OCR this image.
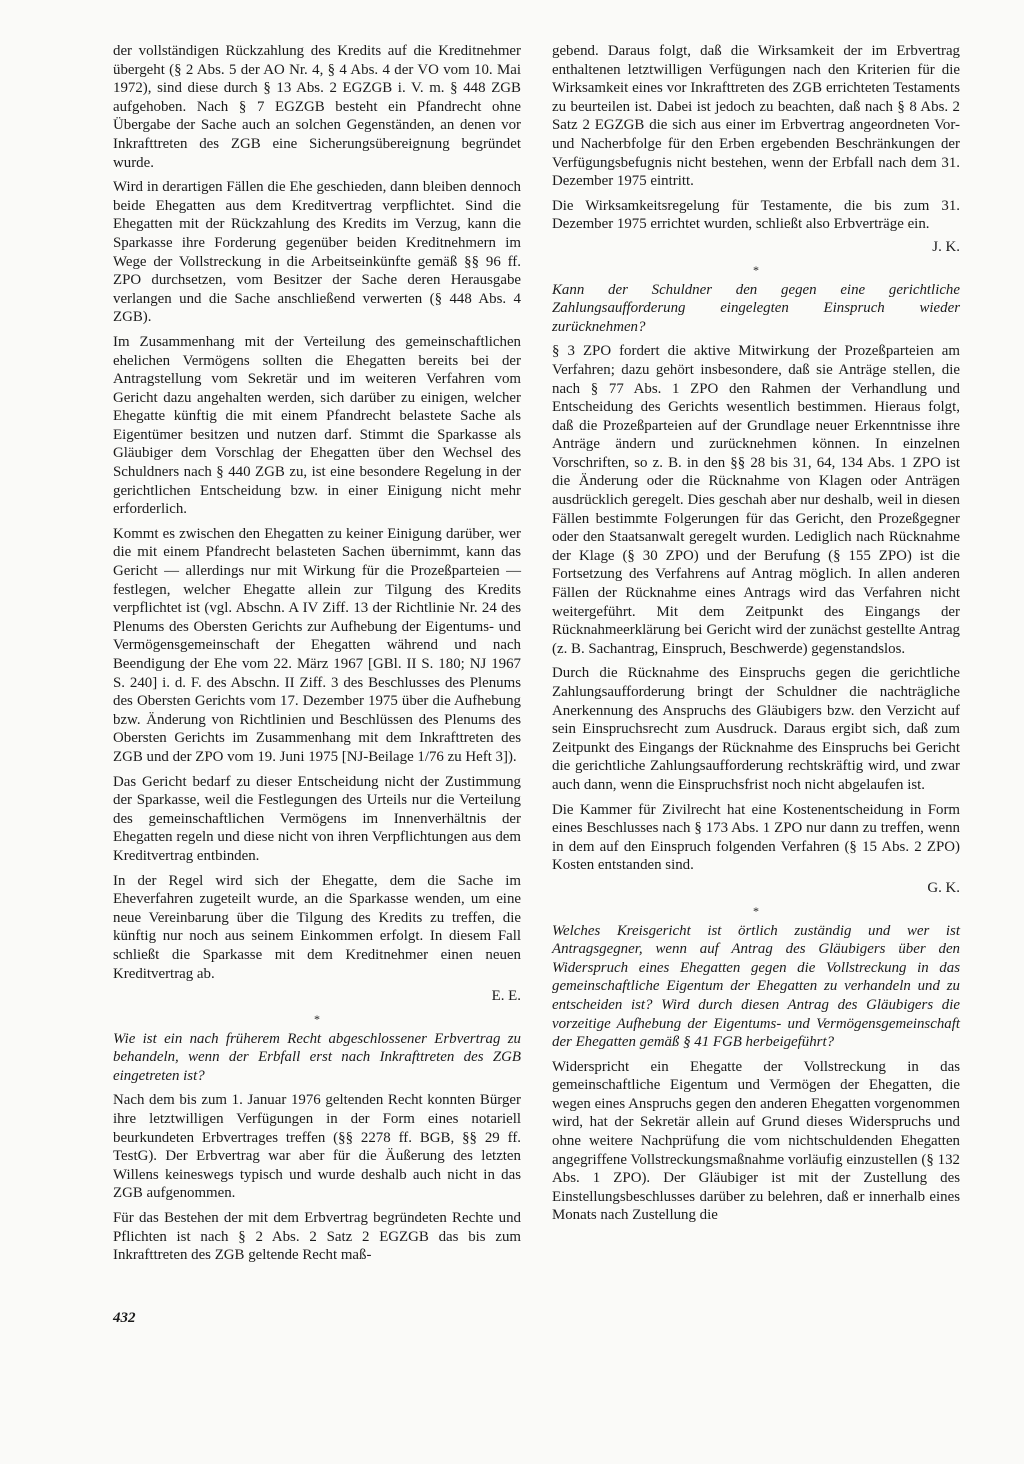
der vollständigen Rückzahlung des Kredits auf die Kreditnehmer übergeht (§ 2 Abs. 5 der AO Nr. 4, § 4 Abs. 4 der VO vom 10. Mai 1972), sind diese durch § 13 Abs. 2 EGZGB i. V. m. § 448 ZGB aufgehoben. Nach § 7 EGZGB besteht ein Pfandrecht ohne Übergabe der Sache auch an solchen Gegenständen, an denen vor Inkrafttreten des ZGB eine Sicherungsübereignung begründet wurde.
Wird in derartigen Fällen die Ehe geschieden, dann bleiben dennoch beide Ehegatten aus dem Kreditvertrag verpflichtet. Sind die Ehegatten mit der Rückzahlung des Kredits im Verzug, kann die Sparkasse ihre Forderung gegenüber beiden Kreditnehmern im Wege der Vollstreckung in die Arbeitseinkünfte gemäß §§ 96 ff. ZPO durchsetzen, vom Besitzer der Sache deren Herausgabe verlangen und die Sache anschließend verwerten (§ 448 Abs. 4 ZGB).
Im Zusammenhang mit der Verteilung des gemeinschaftlichen ehelichen Vermögens sollten die Ehegatten bereits bei der Antragstellung vom Sekretär und im weiteren Verfahren vom Gericht dazu angehalten werden, sich darüber zu einigen, welcher Ehegatte künftig die mit einem Pfandrecht belastete Sache als Eigentümer besitzen und nutzen darf. Stimmt die Sparkasse als Gläubiger dem Vorschlag der Ehegatten über den Wechsel des Schuldners nach § 440 ZGB zu, ist eine besondere Regelung in der gerichtlichen Entscheidung bzw. in einer Einigung nicht mehr erforderlich.
Kommt es zwischen den Ehegatten zu keiner Einigung darüber, wer die mit einem Pfandrecht belasteten Sachen übernimmt, kann das Gericht — allerdings nur mit Wirkung für die Prozeßparteien — festlegen, welcher Ehegatte allein zur Tilgung des Kredits verpflichtet ist (vgl. Abschn. A IV Ziff. 13 der Richtlinie Nr. 24 des Plenums des Obersten Gerichts zur Aufhebung der Eigentums- und Vermögensgemeinschaft der Ehegatten während und nach Beendigung der Ehe vom 22. März 1967 [GBl. II S. 180; NJ 1967 S. 240] i. d. F. des Abschn. II Ziff. 3 des Beschlusses des Plenums des Obersten Gerichts vom 17. Dezember 1975 über die Aufhebung bzw. Änderung von Richtlinien und Beschlüssen des Plenums des Obersten Gerichts im Zusammenhang mit dem Inkrafttreten des ZGB und der ZPO vom 19. Juni 1975 [NJ-Beilage 1/76 zu Heft 3]).
Das Gericht bedarf zu dieser Entscheidung nicht der Zustimmung der Sparkasse, weil die Festlegungen des Urteils nur die Verteilung des gemeinschaftlichen Vermögens im Innenverhältnis der Ehegatten regeln und diese nicht von ihren Verpflichtungen aus dem Kreditvertrag entbinden.
In der Regel wird sich der Ehegatte, dem die Sache im Eheverfahren zugeteilt wurde, an die Sparkasse wenden, um eine neue Vereinbarung über die Tilgung des Kredits zu treffen, die künftig nur noch aus seinem Einkommen erfolgt. In diesem Fall schließt die Sparkasse mit dem Kreditnehmer einen neuen Kreditvertrag ab.
E. E.
*
Wie ist ein nach früherem Recht abgeschlossener Erbvertrag zu behandeln, wenn der Erbfall erst nach Inkrafttreten des ZGB eingetreten ist?
Nach dem bis zum 1. Januar 1976 geltenden Recht konnten Bürger ihre letztwilligen Verfügungen in der Form eines notariell beurkundeten Erbvertrages treffen (§§ 2278 ff. BGB, §§ 29 ff. TestG). Der Erbvertrag war aber für die Äußerung des letzten Willens keineswegs typisch und wurde deshalb auch nicht in das ZGB aufgenommen.
Für das Bestehen der mit dem Erbvertrag begründeten Rechte und Pflichten ist nach § 2 Abs. 2 Satz 2 EGZGB das bis zum Inkrafttreten des ZGB geltende Recht maß-
gebend. Daraus folgt, daß die Wirksamkeit der im Erbvertrag enthaltenen letztwilligen Verfügungen nach den Kriterien für die Wirksamkeit eines vor Inkrafttreten des ZGB errichteten Testaments zu beurteilen ist. Dabei ist jedoch zu beachten, daß nach § 8 Abs. 2 Satz 2 EGZGB die sich aus einer im Erbvertrag angeordneten Vor- und Nacherbfolge für den Erben ergebenden Beschränkungen der Verfügungsbefugnis nicht bestehen, wenn der Erbfall nach dem 31. Dezember 1975 eintritt.
Die Wirksamkeitsregelung für Testamente, die bis zum 31. Dezember 1975 errichtet wurden, schließt also Erbverträge ein.
J. K.
*
Kann der Schuldner den gegen eine gerichtliche Zahlungsaufforderung eingelegten Einspruch wieder zurücknehmen?
§ 3 ZPO fordert die aktive Mitwirkung der Prozeßparteien am Verfahren; dazu gehört insbesondere, daß sie Anträge stellen, die nach § 77 Abs. 1 ZPO den Rahmen der Verhandlung und Entscheidung des Gerichts wesentlich bestimmen. Hieraus folgt, daß die Prozeßparteien auf der Grundlage neuer Erkenntnisse ihre Anträge ändern und zurücknehmen können. In einzelnen Vorschriften, so z. B. in den §§ 28 bis 31, 64, 134 Abs. 1 ZPO ist die Änderung oder die Rücknahme von Klagen oder Anträgen ausdrücklich geregelt. Dies geschah aber nur deshalb, weil in diesen Fällen bestimmte Folgerungen für das Gericht, den Prozeßgegner oder den Staatsanwalt geregelt wurden. Lediglich nach Rücknahme der Klage (§ 30 ZPO) und der Berufung (§ 155 ZPO) ist die Fortsetzung des Verfahrens auf Antrag möglich. In allen anderen Fällen der Rücknahme eines Antrags wird das Verfahren nicht weitergeführt. Mit dem Zeitpunkt des Eingangs der Rücknahmeerklärung bei Gericht wird der zunächst gestellte Antrag (z. B. Sachantrag, Einspruch, Beschwerde) gegenstandslos.
Durch die Rücknahme des Einspruchs gegen die gerichtliche Zahlungsaufforderung bringt der Schuldner die nachträgliche Anerkennung des Anspruchs des Gläubigers bzw. den Verzicht auf sein Einspruchsrecht zum Ausdruck. Daraus ergibt sich, daß zum Zeitpunkt des Eingangs der Rücknahme des Einspruchs bei Gericht die gerichtliche Zahlungsaufforderung rechtskräftig wird, und zwar auch dann, wenn die Einspruchsfrist noch nicht abgelaufen ist.
Die Kammer für Zivilrecht hat eine Kostenentscheidung in Form eines Beschlusses nach § 173 Abs. 1 ZPO nur dann zu treffen, wenn in dem auf den Einspruch folgenden Verfahren (§ 15 Abs. 2 ZPO) Kosten entstanden sind.
G. K.
*
Welches Kreisgericht ist örtlich zuständig und wer ist Antragsgegner, wenn auf Antrag des Gläubigers über den Widerspruch eines Ehegatten gegen die Vollstreckung in das gemeinschaftliche Eigentum der Ehegatten zu verhandeln und zu entscheiden ist? Wird durch diesen Antrag des Gläubigers die vorzeitige Aufhebung der Eigentums- und Vermögensgemeinschaft der Ehegatten gemäß § 41 FGB herbeigeführt?
Widerspricht ein Ehegatte der Vollstreckung in das gemeinschaftliche Eigentum und Vermögen der Ehegatten, die wegen eines Anspruchs gegen den anderen Ehegatten vorgenommen wird, hat der Sekretär allein auf Grund dieses Widerspruchs und ohne weitere Nachprüfung die vom nichtschuldenden Ehegatten angegriffene Vollstreckungsmaßnahme vorläufig einzustellen (§ 132 Abs. 1 ZPO). Der Gläubiger ist mit der Zustellung des Einstellungsbeschlusses darüber zu belehren, daß er innerhalb eines Monats nach Zustellung die
432
